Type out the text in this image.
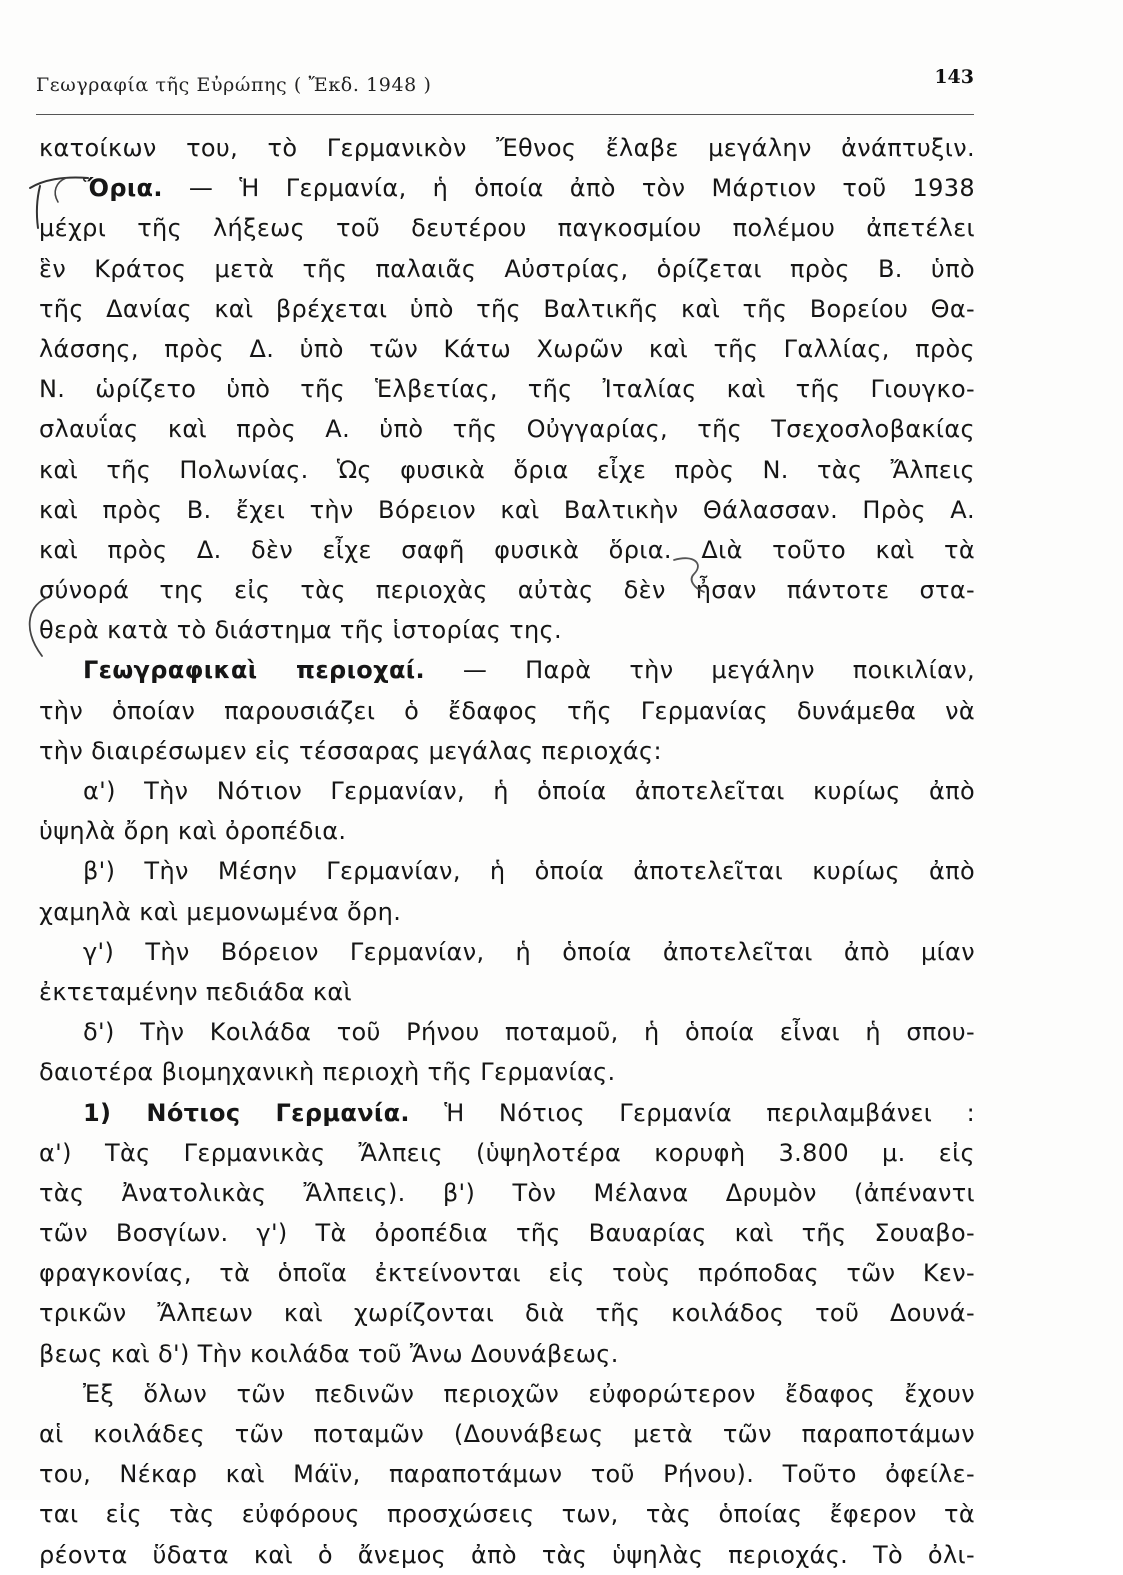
Γεωγραφία τῆς Εὐρώπης ( Ἔκδ. 1948 )	143
κατοίκων του, τὸ Γερμανικὸν Ἔθνος ἔλαβε μεγάλην ἀνάπτυξιν.
Ὅρια. — Ἡ Γερμανία, ἡ ὁποία ἀπὸ τὸν Μάρτιον τοῦ 1938
μέχρι τῆς λήξεως τοῦ δευτέρου παγκοσμίου πολέμου ἀπετέλει
ἓν Κράτος μετὰ τῆς παλαιᾶς Αὐστρίας, ὁρίζεται πρὸς Β. ὑπὸ
τῆς Δανίας καὶ βρέχεται ὑπὸ τῆς Βαλτικῆς καὶ τῆς Βορείου Θα-
λάσσης, πρὸς Δ. ὑπὸ τῶν Κάτω Χωρῶν καὶ τῆς Γαλλίας, πρὸς
Ν. ὡρίζετο ὑπὸ τῆς Ἑλβετίας, τῆς Ἰταλίας καὶ τῆς Γιουγκο-
σλαυΐας καὶ πρὸς Α. ὑπὸ τῆς Οὐγγαρίας, τῆς Τσεχοσλοβακίας
καὶ τῆς Πολωνίας. Ὡς φυσικὰ ὅρια εἶχε πρὸς Ν. τὰς Ἄλπεις
καὶ πρὸς Β. ἔχει τὴν Βόρειον καὶ Βαλτικὴν Θάλασσαν. Πρὸς Α.
καὶ πρὸς Δ. δὲν εἶχε σαφῆ φυσικὰ ὅρια. Διὰ τοῦτο καὶ τὰ
σύνορά της εἰς τὰς περιοχὰς αὐτὰς δὲν ἦσαν πάντοτε στα-
θερὰ κατὰ τὸ διάστημα τῆς ἱστορίας της.
Γεωγραφικαὶ περιοχαί. — Παρὰ τὴν μεγάλην ποικιλίαν,
τὴν ὁποίαν παρουσιάζει ὁ ἔδαφος τῆς Γερμανίας δυνάμεθα νὰ
τὴν διαιρέσωμεν εἰς τέσσαρας μεγάλας περιοχάς:
α') Τὴν Νότιον Γερμανίαν, ἡ ὁποία ἀποτελεῖται κυρίως ἀπὸ
ὑψηλὰ ὄρη καὶ ὀροπέδια.
β') Τὴν Μέσην Γερμανίαν, ἡ ὁποία ἀποτελεῖται κυρίως ἀπὸ
χαμηλὰ καὶ μεμονωμένα ὄρη.
γ') Τὴν Βόρειον Γερμανίαν, ἡ ὁποία ἀποτελεῖται ἀπὸ μίαν
ἐκτεταμένην πεδιάδα καὶ
δ') Τὴν Κοιλάδα τοῦ Ρήνου ποταμοῦ, ἡ ὁποία εἶναι ἡ σπου-
δαιοτέρα βιομηχανικὴ περιοχὴ τῆς Γερμανίας.
1) Νότιος Γερμανία. Ἡ Νότιος Γερμανία περιλαμβάνει :
α') Τὰς Γερμανικὰς Ἄλπεις (ὑψηλοτέρα κορυφὴ 3.800 μ. εἰς
τὰς Ἀνατολικὰς Ἄλπεις). β') Τὸν Μέλανα Δρυμὸν (ἀπέναντι
τῶν Βοσγίων. γ') Τὰ ὀροπέδια τῆς Βαυαρίας καὶ τῆς Σουαβο-
φραγκονίας, τὰ ὁποῖα ἐκτείνονται εἰς τοὺς πρόποδας τῶν Κεν-
τρικῶν Ἄλπεων καὶ χωρίζονται διὰ τῆς κοιλάδος τοῦ Δουνά-
βεως καὶ δ') Τὴν κοιλάδα τοῦ Ἄνω Δουνάβεως.
Ἐξ ὅλων τῶν πεδινῶν περιοχῶν εὐφορώτερον ἔδαφος ἔχουν
αἱ κοιλάδες τῶν ποταμῶν (Δουνάβεως μετὰ τῶν παραποτάμων
του, Νέκαρ καὶ Μάϊν, παραποτάμων τοῦ Ρήνου). Τοῦτο ὀφείλε-
ται εἰς τὰς εὐφόρους προσχώσεις των, τὰς ὁποίας ἔφερον τὰ
ρέοντα ὕδατα καὶ ὁ ἄνεμος ἀπὸ τὰς ὑψηλὰς περιοχάς. Τὸ ὀλι-
